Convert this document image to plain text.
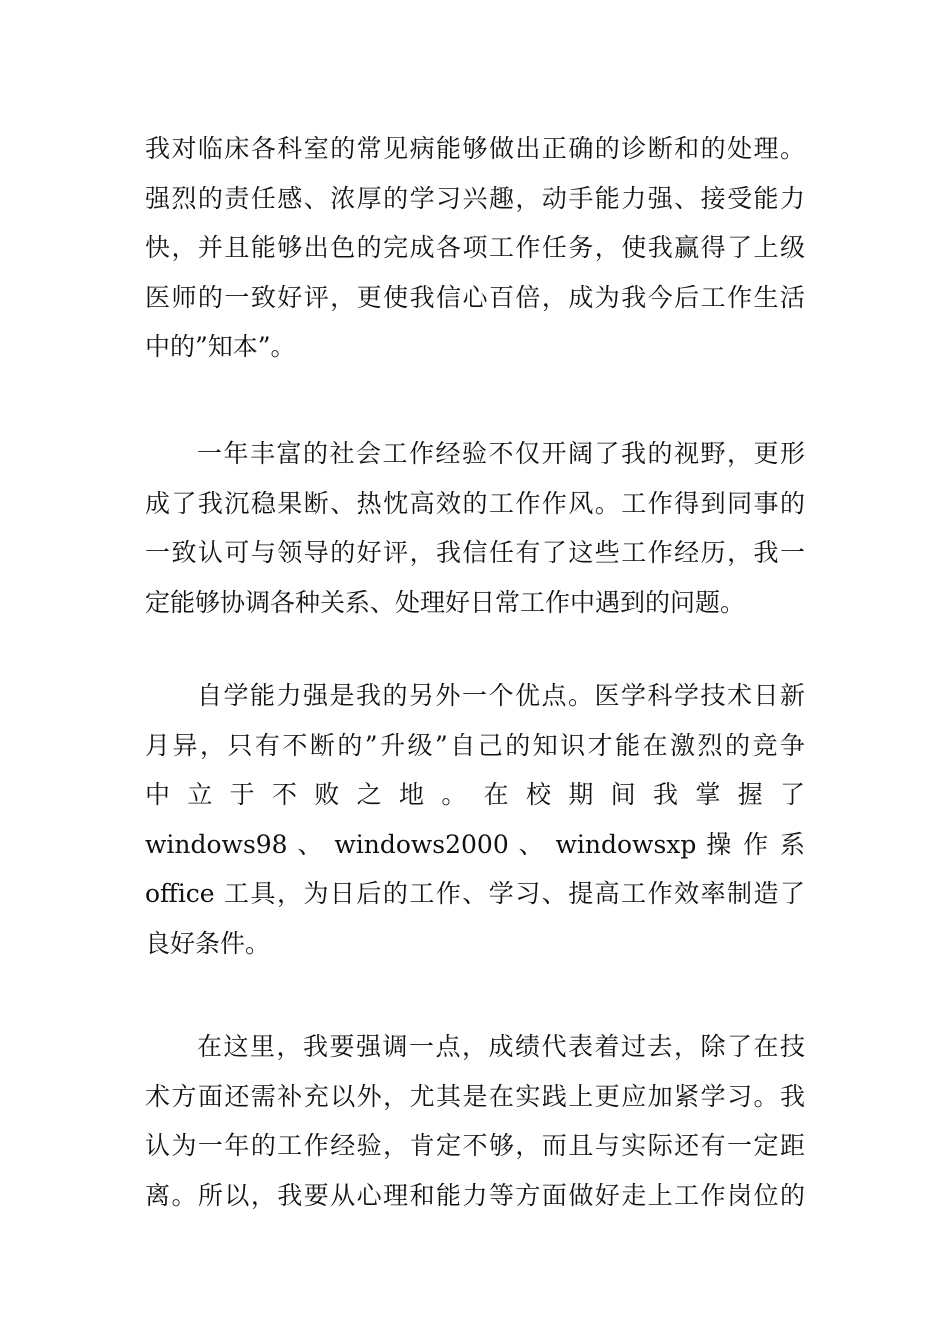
我对临床各科室的常见病能够做出正确的诊断和的处理。
强烈的责任感、浓厚的学习兴趣，动手能力强、接受能力
快，并且能够出色的完成各项工作任务，使我赢得了上级
医师的一致好评，更使我信心百倍，成为我今后工作生活
中的”知本”。
一年丰富的社会工作经验不仅开阔了我的视野，更形
成了我沉稳果断、热忱高效的工作作风。工作得到同事的
一致认可与领导的好评，我信任有了这些工作经历，我一
定能够协调各种关系、处理好日常工作中遇到的问题。
自学能力强是我的另外一个优点。医学科学技术日新
月异，只有不断的”升级”自己的知识才能在激烈的竞争
中 立 于 不 败 之 地 。 在 校 期 间 我 掌 握 了
windows98 、 windows2000 、 windowsxp 操 作 系
office 工具，为日后的工作、学习、提高工作效率制造了
良好条件。
在这里，我要强调一点，成绩代表着过去，除了在技
术方面还需补充以外，尤其是在实践上更应加紧学习。我
认为一年的工作经验，肯定不够，而且与实际还有一定距
离。所以，我要从心理和能力等方面做好走上工作岗位的
